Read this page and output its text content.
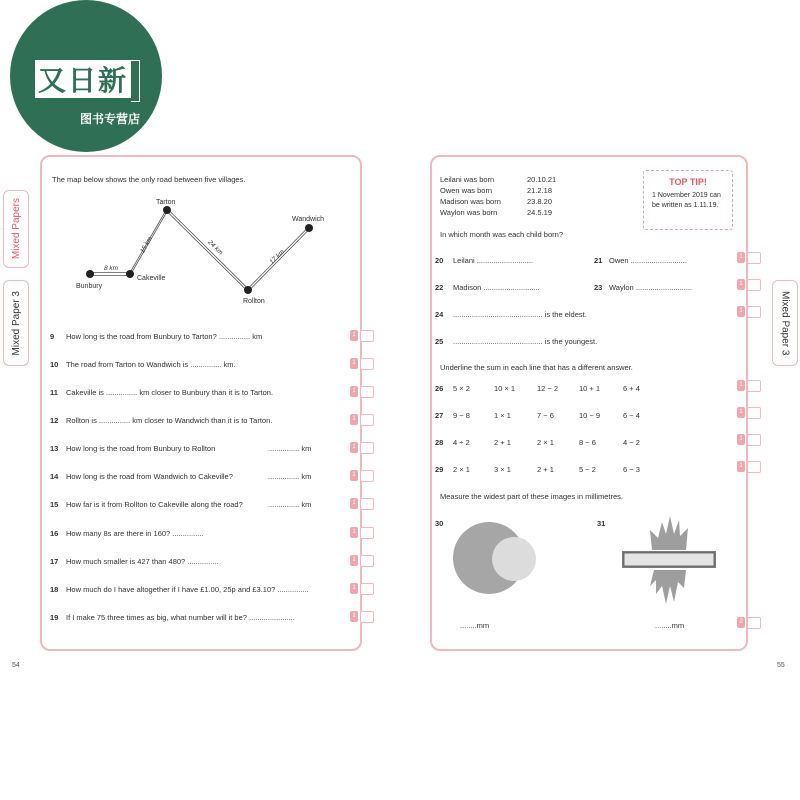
又日新
图书专营店
Mixed Papers
Mixed Paper 3	Mixed Paper 3
The map below shows the only road between five villages.
Bunbury
Cakeville
Tarton
Rollton
Wandwich
8 km
15 km	24 km
17 km
9 How long is the road from Bunbury to Tarton? ............... km	1
10 The road from Tarton to Wandwich is ............... km.	1
11 Cakeville is ............... km closer to Bunbury than it is to Tarton.	1
12 Rollton is ............... km closer to Wandwich than it is to Tarton.	1
13 How long is the road from Bunbury to Rollton	............... km	1
14 How long is the road from Wandwich to Cakeville?	............... km	1
15 How far is it from Rollton to Cakeville along the road?	............... km	1
16 How many 8s are there in 160? ...............	1
17 How much smaller is 427 than 480? ...............	1
18 How much do I have altogether if I have £1.00, 25p and £3.10? ...............	1
19 If I make 75 three times as big, what number will it be? ......................	1
Leilani was born	20.10.21
Owen was born	21.2.18
Madison was born	23.8.20
Waylon was born	24.5.19
TOP TIP!
1 November 2019 can be written as 1.11.19.
In which month was each child born?
20 Leilani ...........................	21 Owen ...........................
22 Madison ...........................	23 Waylon ...........................
24 ........................................... is the eldest.
25 ........................................... is the youngest.
Underline the sum in each line that has a different answer.
26 5 × 2	10 × 1	12 − 2	10 + 1	6 + 4
27 9 − 8	1 × 1	7 − 6	10 − 9	6 − 4
28 4 ÷ 2	2 + 1	2 × 1	8 − 6	4 − 2
29 2 × 1	3 × 1	2 + 1	5 − 2	6 − 3
Measure the widest part of these images in millimetres.
30
........mm
31
........mm
1
1
1
1
1
1
1
2
54	55
